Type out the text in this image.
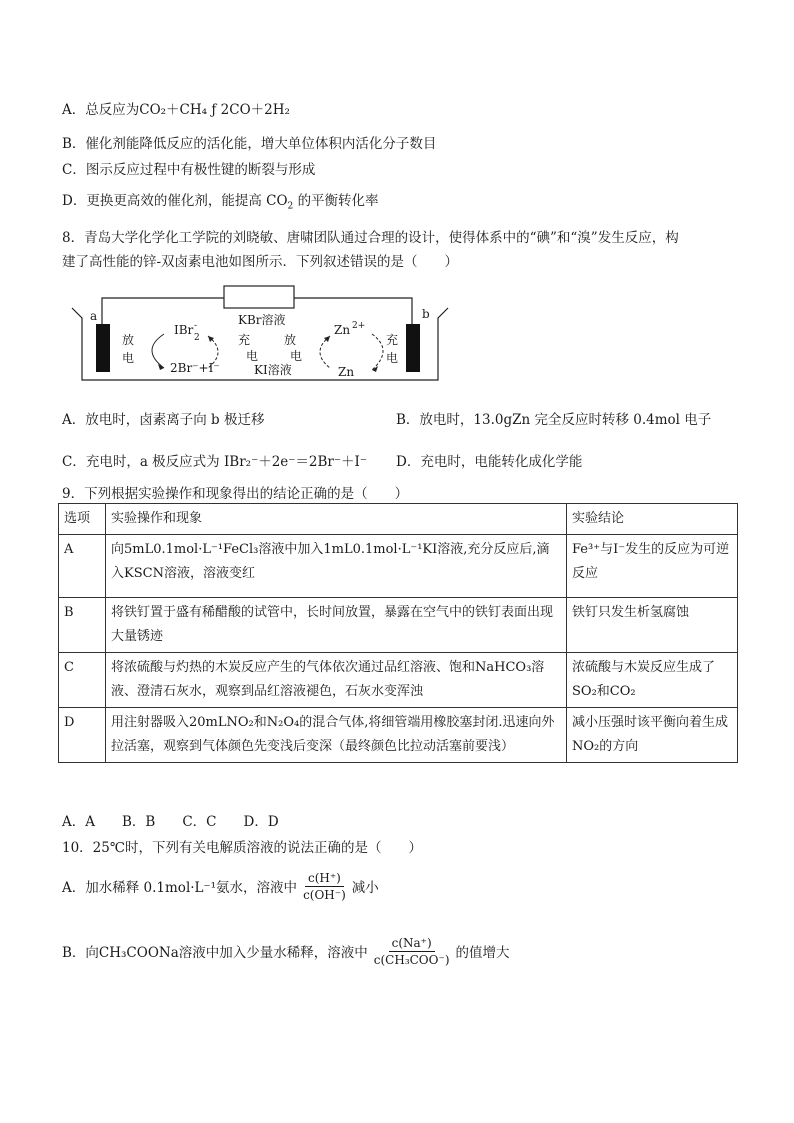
A．总反应为CO₂＋CH₄ ƒ 2CO＋2H₂
B．催化剂能降低反应的活化能，增大单位体积内活化分子数目
C．图示反应过程中有极性键的断裂与形成
D．更换更高效的催化剂，能提高 $CO_2$ 的平衡转化率
8．青岛大学化学化工学院的刘晓敏、唐啸团队通过合理的设计，使得体系中的“碘”和“溴”发生反应，构
建了高性能的锌-双卤素电池如图所示．下列叙述错误的是（　　）
a	b
KBr溶液
KI溶液
放
电
IBr
2
-
2Br⁻+I⁻
充
电
放
电
Zn 2+
Zn
充
电
A．放电时，卤素离子向 b 极迁移	B．放电时，13.0gZn 完全反应时转移 0.4mol 电子
C．充电时，a 极反应式为 IBr₂⁻＋2e⁻＝2Br⁻＋I⁻ D．充电时，电能转化成化学能
9．下列根据实验操作和现象得出的结论正确的是（　　）
选项	实验操作和现象	实验结论
A	向5mL0.1mol·L⁻¹FeCl₃溶液中加入1mL0.1mol·L⁻¹KI溶液,充分反应后,滴入KSCN溶液，溶液变红	Fe³⁺与I⁻发生的反应为可逆反应
B	将铁钉置于盛有稀醋酸的试管中，长时间放置，暴露在空气中的铁钉表面出现大量锈迹	铁钉只发生析氢腐蚀
C	将浓硫酸与灼热的木炭反应产生的气体依次通过品红溶液、饱和NaHCO₃溶液、澄清石灰水，观察到品红溶液褪色，石灰水变浑浊	浓硫酸与木炭反应生成了SO₂和CO₂
D	用注射器吸入20mLNO₂和N₂O₄的混合气体,将细管端用橡胶塞封闭.迅速向外拉活塞，观察到气体颜色先变浅后变深（最终颜色比拉动活塞前要浅）	减小压强时该平衡向着生成NO₂的方向
A．A　　B．B　　C．C　　D．D
10．25℃时，下列有关电解质溶液的说法正确的是（　　）
A．加水稀释 0.1mol·L⁻¹氨水，溶液中 $\frac{c(H^+)}{c(OH^-)}$ 减小
B．向CH₃COONa溶液中加入少量水稀释，溶液中 $\frac{c(Na^+)}{\text{c(CH₃COO⁻)}}$ 的值增大
